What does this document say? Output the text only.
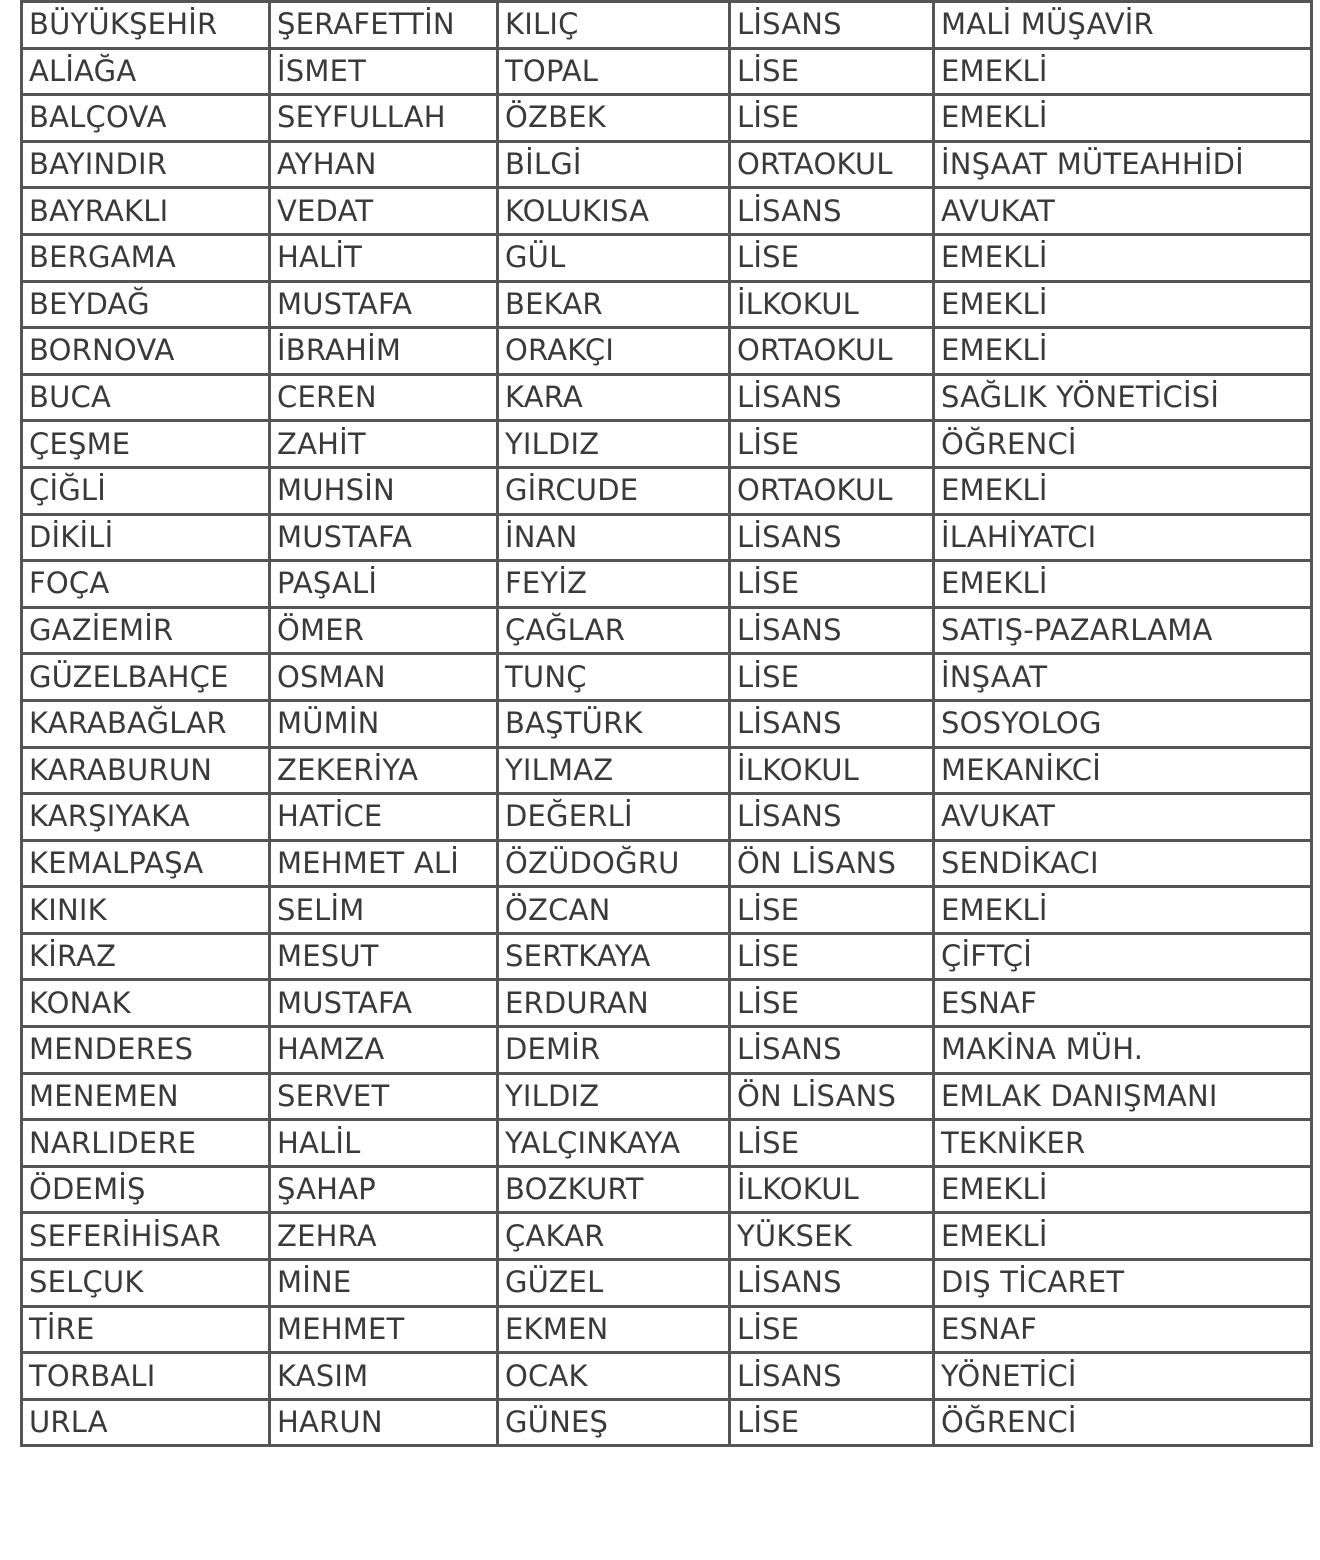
BÜYÜKŞEHİR	ŞERAFETTİN	KILIÇ	LİSANS	MALİ MÜŞAVİR
ALİAĞA	İSMET	TOPAL	LİSE	EMEKLİ
BALÇOVA	SEYFULLAH	ÖZBEK	LİSE	EMEKLİ
BAYINDIR	AYHAN	BİLGİ	ORTAOKUL	İNŞAAT MÜTEAHHİDİ
BAYRAKLI	VEDAT	KOLUKISA	LİSANS	AVUKAT
BERGAMA	HALİT	GÜL	LİSE	EMEKLİ
BEYDAĞ	MUSTAFA	BEKAR	İLKOKUL	EMEKLİ
BORNOVA	İBRAHİM	ORAKÇI	ORTAOKUL	EMEKLİ
BUCA	CEREN	KARA	LİSANS	SAĞLIK YÖNETİCİSİ
ÇEŞME	ZAHİT	YILDIZ	LİSE	ÖĞRENCİ
ÇİĞLİ	MUHSİN	GİRCUDE	ORTAOKUL	EMEKLİ
DİKİLİ	MUSTAFA	İNAN	LİSANS	İLAHİYATCI
FOÇA	PAŞALİ	FEYİZ	LİSE	EMEKLİ
GAZİEMİR	ÖMER	ÇAĞLAR	LİSANS	SATIŞ-PAZARLAMA
GÜZELBAHÇE	OSMAN	TUNÇ	LİSE	İNŞAAT
KARABAĞLAR	MÜMİN	BAŞTÜRK	LİSANS	SOSYOLOG
KARABURUN	ZEKERİYA	YILMAZ	İLKOKUL	MEKANİKCİ
KARŞIYAKA	HATİCE	DEĞERLİ	LİSANS	AVUKAT
KEMALPAŞA	MEHMET ALİ	ÖZÜDOĞRU	ÖN LİSANS	SENDİKACI
KINIK	SELİM	ÖZCAN	LİSE	EMEKLİ
KİRAZ	MESUT	SERTKAYA	LİSE	ÇİFTÇİ
KONAK	MUSTAFA	ERDURAN	LİSE	ESNAF
MENDERES	HAMZA	DEMİR	LİSANS	MAKİNA MÜH.
MENEMEN	SERVET	YILDIZ	ÖN LİSANS	EMLAK DANIŞMANI
NARLIDERE	HALİL	YALÇINKAYA	LİSE	TEKNİKER
ÖDEMİŞ	ŞAHAP	BOZKURT	İLKOKUL	EMEKLİ
SEFERİHİSAR	ZEHRA	ÇAKAR	YÜKSEK	EMEKLİ
SELÇUK	MİNE	GÜZEL	LİSANS	DIŞ TİCARET
TİRE	MEHMET	EKMEN	LİSE	ESNAF
TORBALI	KASIM	OCAK	LİSANS	YÖNETİCİ
URLA	HARUN	GÜNEŞ	LİSE	ÖĞRENCİ
